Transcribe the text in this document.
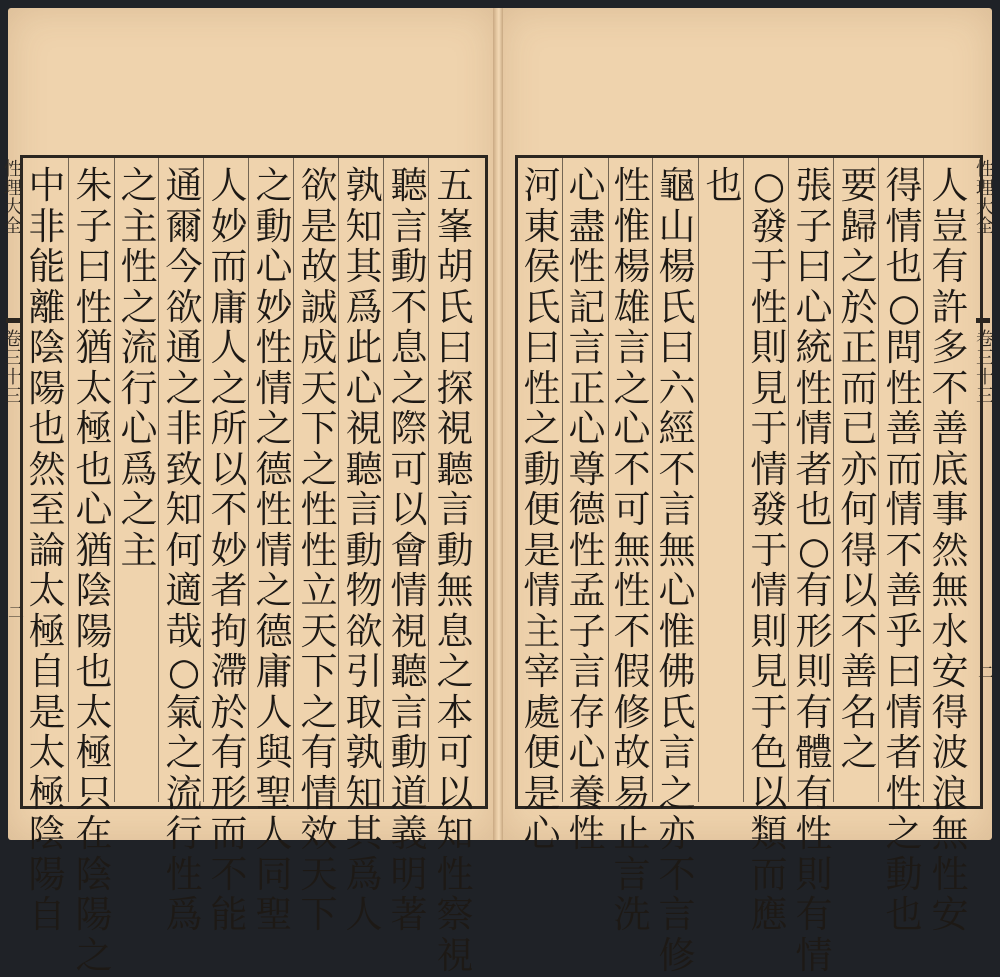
性理大全
卷三十三
二
性理大全
卷三十三
二
人豈有許多不善底事然無水安得波浪無性安
得情也○問性善而情不善乎曰情者性之動也
要歸之於正而已亦何得以不善名之
張子曰心統性情者也○有形則有體有性則有情
○發于性則見于情發于情則見于色以類而應
也
龜山楊氏曰六經不言無心惟佛氏言之亦不言修
性惟楊雄言之心不可無性不假修故易止言洗
心盡性記言正心尊德性孟子言存心養性
河東侯氏曰性之動便是情主宰處便是心
五峯胡氏曰探視聽言動無息之本可以知性察視
聽言動不息之際可以會情視聽言動道義明著
孰知其爲此心視聽言動物欲引取孰知其爲人
欲是故誠成天下之性性立天下之有情效天下
之動心妙性情之德性情之德庸人與聖人同聖
人妙而庸人之所以不妙者拘滯於有形而不能
通爾今欲通之非致知何適哉○氣之流行性爲
之主性之流行心爲之主
朱子曰性猶太極也心猶陰陽也太極只在陰陽之
中非能離陰陽也然至論太極自是太極陰陽自
